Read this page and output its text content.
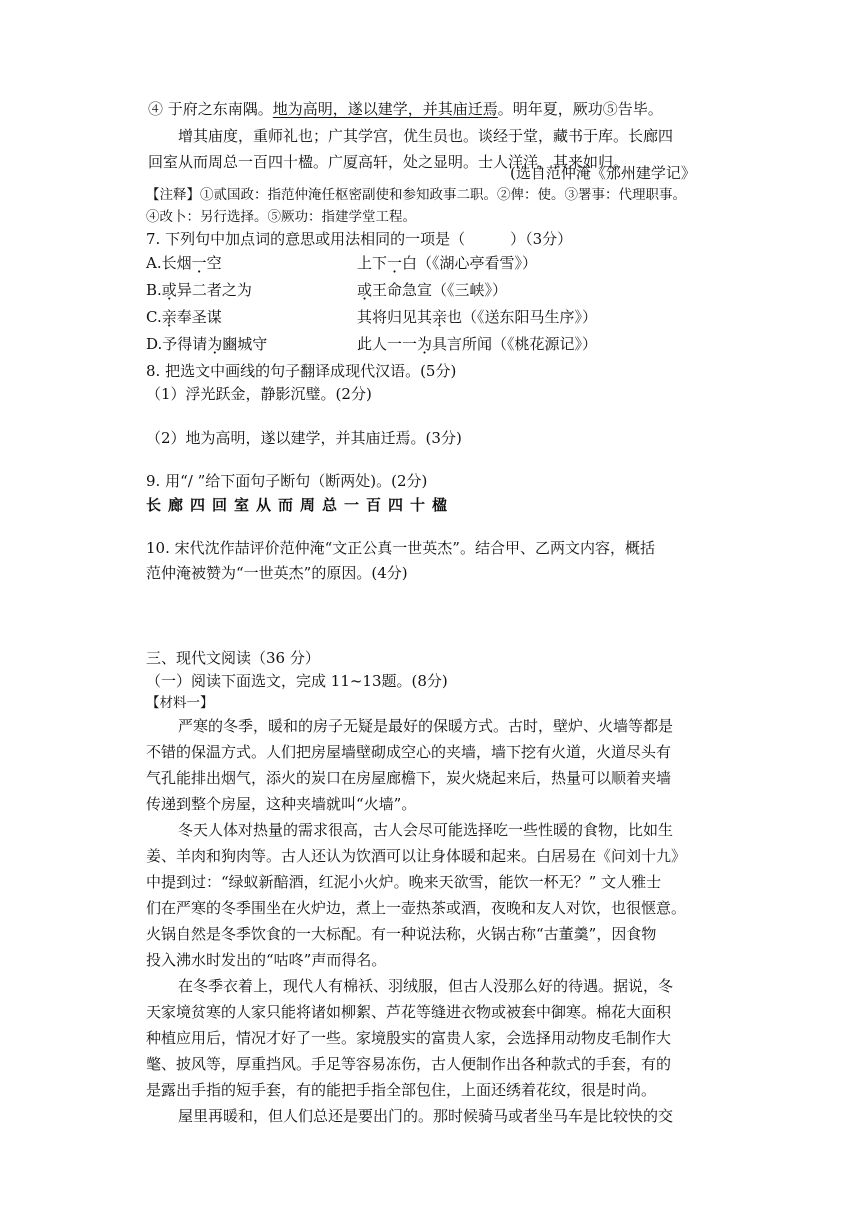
④ 于府之东南隅。地为高明，遂以建学，并其庙迁焉。明年夏，厥功⑤告毕。
增其庙度，重师礼也；广其学宫，优生员也。谈经于堂，藏书于库。长廊四
回室从而周总一百四十楹。广厦高轩，处之显明。士人洋洋，其来如归。
(选自范仲淹《邠州建学记》
【注释】①贰国政：指范仲淹任枢密副使和参知政事二职。②俾：使。③署事：代理职事。
④改卜：另行选择。⑤厥功：指建学堂工程。
7. 下列句中加点词的意思或用法相同的一项是（　　　）（3分）
A.长烟一空	上下一白（《湖心亭看雪》）
B.或异二者之为	或王命急宣（《三峡》）
C.亲奉圣谋	其将归见其亲也（《送东阳马生序》）
D.予得请为豳城守	此人一一为具言所闻（《桃花源记》）
8. 把选文中画线的句子翻译成现代汉语。(5分)
（1）浮光跃金，静影沉璧。(2分)
（2）地为高明，遂以建学，并其庙迁焉。(3分)
9. 用“/ ”给下面句子断句（断两处)。(2分)
长廊四回室从而周总一百四十楹
10. 宋代沈作喆评价范仲淹“文正公真一世英杰”。结合甲、乙两文内容，概括
范仲淹被赞为“一世英杰”的原因。(4分)
三、现代文阅读（36 分）
（一）阅读下面选文，完成 11~13题。(8分)
【材料一】
严寒的冬季，暖和的房子无疑是最好的保暖方式。古时，壁炉、火墙等都是
不错的保温方式。人们把房屋墙壁砌成空心的夹墙，墙下挖有火道，火道尽头有
气孔能排出烟气，添火的炭口在房屋廊檐下，炭火烧起来后，热量可以顺着夹墙
传递到整个房屋，这种夹墙就叫“火墙”。
冬天人体对热量的需求很高，古人会尽可能选择吃一些性暖的食物，比如生
姜、羊肉和狗肉等。古人还认为饮酒可以让身体暖和起来。白居易在《问刘十九》
中提到过：“绿蚁新醅酒，红泥小火炉。晚来天欲雪，能饮一杯无？” 文人雅士
们在严寒的冬季围坐在火炉边，煮上一壶热茶或酒，夜晚和友人对饮，也很惬意。
火锅自然是冬季饮食的一大标配。有一种说法称，火锅古称“古董羹”，因食物
投入沸水时发出的“咕咚”声而得名。
在冬季衣着上，现代人有棉袄、羽绒服，但古人没那么好的待遇。据说，冬
天家境贫寒的人家只能将诸如柳絮、芦花等缝进衣物或被套中御寒。棉花大面积
种植应用后，情况才好了一些。家境殷实的富贵人家，会选择用动物皮毛制作大
氅、披风等，厚重挡风。手足等容易冻伤，古人便制作出各种款式的手套，有的
是露出手指的短手套，有的能把手指全部包住，上面还绣着花纹，很是时尚。
屋里再暖和，但人们总还是要出门的。那时候骑马或者坐马车是比较快的交
